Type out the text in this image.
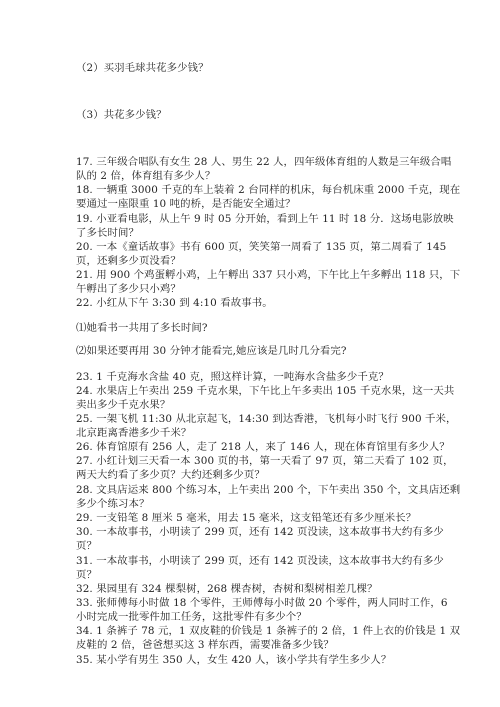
（2）买羽毛球共花多少钱？
（3）共花多少钱？
17. 三年级合唱队有女生 28 人、男生 22 人，四年级体育组的人数是三年级合唱
队的 2 倍，体育组有多少人？
18. 一辆重 3000 千克的车上装着 2 台同样的机床，每台机床重 2000 千克，现在
要通过一座限重 10 吨的桥，是否能安全通过？
19. 小亚看电影，从上午 9 时 05 分开始，看到上午 11 时 18 分．这场电影放映
了多长时间？
20. 一本《童话故事》书有 600 页，笑笑第一周看了 135 页，第二周看了 145
页，还剩多少页没看？
21. 用 900 个鸡蛋孵小鸡，上午孵出 337 只小鸡，下午比上午多孵出 118 只，下
午孵出了多少只小鸡？
22. 小红从下午 3:30 到 4:10 看故事书。
⑴她看书一共用了多长时间?
⑵如果还要再用 30 分钟才能看完,她应该是几时几分看完?
23. 1 千克海水含盐 40 克，照这样计算，一吨海水含盐多少千克？
24. 水果店上午卖出 259 千克水果，下午比上午多卖出 105 千克水果，这一天共
卖出多少千克水果？
25. 一架飞机 11:30 从北京起飞，14:30 到达香港，飞机每小时飞行 900 千米，
北京距离香港多少千米？
26. 体育馆原有 256 人，走了 218 人，来了 146 人，现在体育馆里有多少人？
27. 小红计划三天看一本 300 页的书，第一天看了 97 页，第二天看了 102 页，
两天大约看了多少页？大约还剩多少页？
28. 文具店运来 800 个练习本，上午卖出 200 个，下午卖出 350 个，文具店还剩
多少个练习本？
29. 一支铅笔 8 厘米 5 毫米，用去 15 毫米，这支铅笔还有多少厘米长？
30. 一本故事书，小明读了 299 页，还有 142 页没读，这本故事书大约有多少
页？
31. 一本故事书，小明读了 299 页，还有 142 页没读，这本故事书大约有多少
页？
32. 果园里有 324 棵梨树，268 棵杏树，杏树和梨树相差几棵？
33. 张师傅每小时做 18 个零件，王师傅每小时做 20 个零件，两人同时工作，6
小时完成一批零件加工任务，这批零件有多少个？
34. 1 条裤子 78 元，1 双皮鞋的价钱是 1 条裤子的 2 倍，1 件上衣的价钱是 1 双
皮鞋的 2 倍，爸爸想买这 3 样东西，需要准备多少钱？
35. 某小学有男生 350 人，女生 420 人，该小学共有学生多少人？
